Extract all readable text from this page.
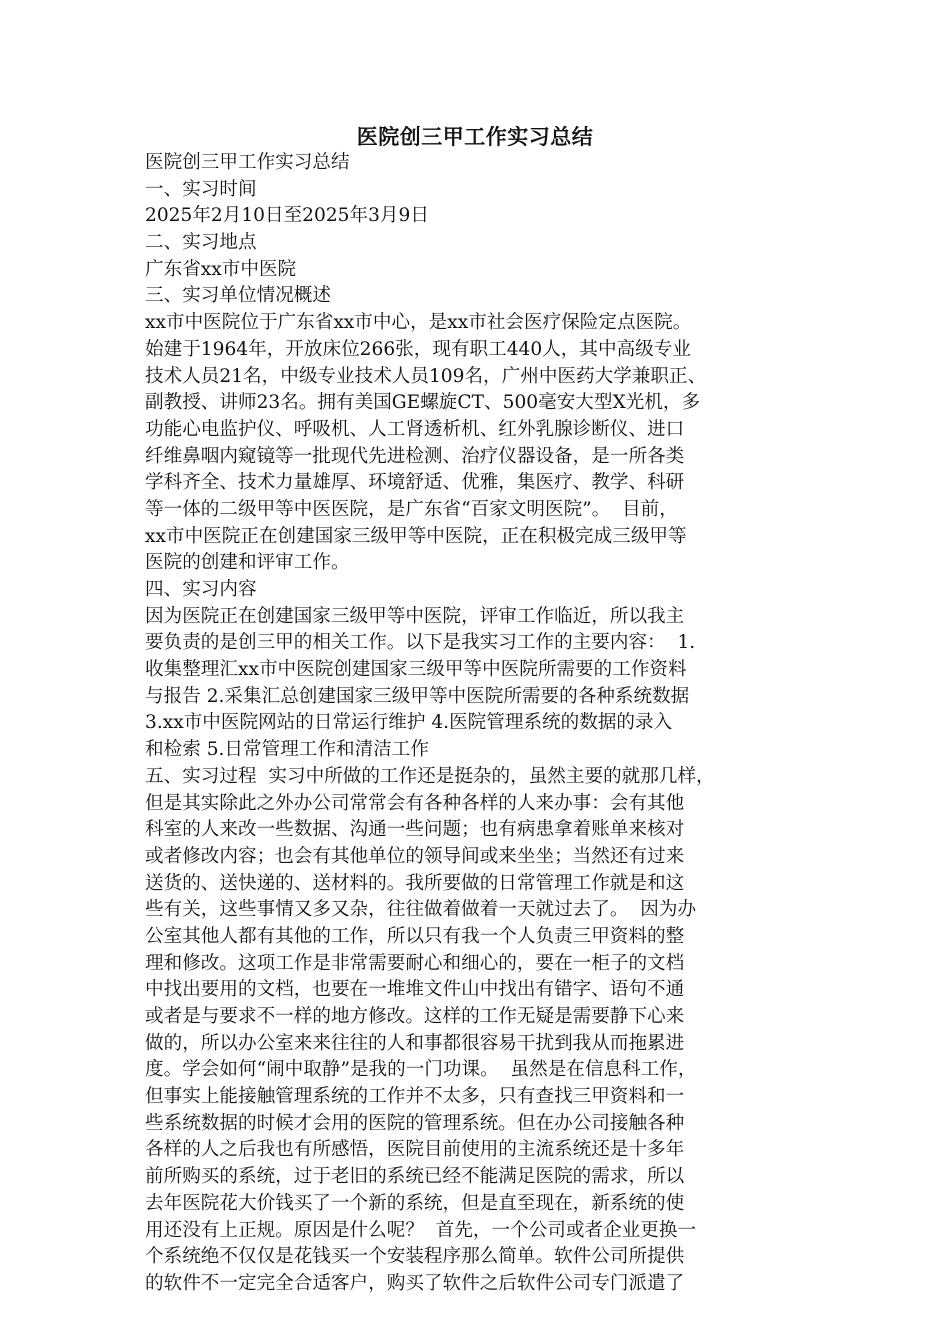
医院创三甲工作实习总结
医院创三甲工作实习总结
一、实习时间
2025年2月10日至2025年3月9日
二、实习地点
广东省xx市中医院
三、实习单位情况概述
xx市中医院位于广东省xx市中心，是xx市社会医疗保险定点医院。
始建于1964年，开放床位266张，现有职工440人，其中高级专业
技术人员21名，中级专业技术人员109名，广州中医药大学兼职正、
副教授、讲师23名。拥有美国GE螺旋CT、500毫安大型X光机，多
功能心电监护仪、呼吸机、人工肾透析机、红外乳腺诊断仪、进口
纤维鼻咽内窥镜等一批现代先进检测、治疗仪器设备，是一所各类
学科齐全、技术力量雄厚、环境舒适、优雅，集医疗、教学、科研
等一体的二级甲等中医医院，是广东省“百家文明医院”。  目前，
xx市中医院正在创建国家三级甲等中医院，正在积极完成三级甲等
医院的创建和评审工作。
四、实习内容
因为医院正在创建国家三级甲等中医院，评审工作临近，所以我主
要负责的是创三甲的相关工作。以下是我实习工作的主要内容：  1.
收集整理汇xx市中医院创建国家三级甲等中医院所需要的工作资料
与报告 2.采集汇总创建国家三级甲等中医院所需要的各种系统数据
3.xx市中医院网站的日常运行维护 4.医院管理系统的数据的录入
和检索 5.日常管理工作和清洁工作
五、实习过程  实习中所做的工作还是挺杂的，虽然主要的就那几样，
但是其实除此之外办公司常常会有各种各样的人来办事：会有其他
科室的人来改一些数据、沟通一些问题；也有病患拿着账单来核对
或者修改内容；也会有其他单位的领导间或来坐坐；当然还有过来
送货的、送快递的、送材料的。我所要做的日常管理工作就是和这
些有关，这些事情又多又杂，往往做着做着一天就过去了。  因为办
公室其他人都有其他的工作，所以只有我一个人负责三甲资料的整
理和修改。这项工作是非常需要耐心和细心的，要在一柜子的文档
中找出要用的文档，也要在一堆堆文件山中找出有错字、语句不通
或者是与要求不一样的地方修改。这样的工作无疑是需要静下心来
做的，所以办公室来来往往的人和事都很容易干扰到我从而拖累进
度。学会如何“闹中取静”是我的一门功课。  虽然是在信息科工作，
但事实上能接触管理系统的工作并不太多，只有查找三甲资料和一
些系统数据的时候才会用的医院的管理系统。但在办公司接触各种
各样的人之后我也有所感悟，医院目前使用的主流系统还是十多年
前所购买的系统，过于老旧的系统已经不能满足医院的需求，所以
去年医院花大价钱买了一个新的系统，但是直至现在，新系统的使
用还没有上正规。原因是什么呢？  首先，一个公司或者企业更换一
个系统绝不仅仅是花钱买一个安装程序那么简单。软件公司所提供
的软件不一定完全合适客户，购买了软件之后软件公司专门派遣了
